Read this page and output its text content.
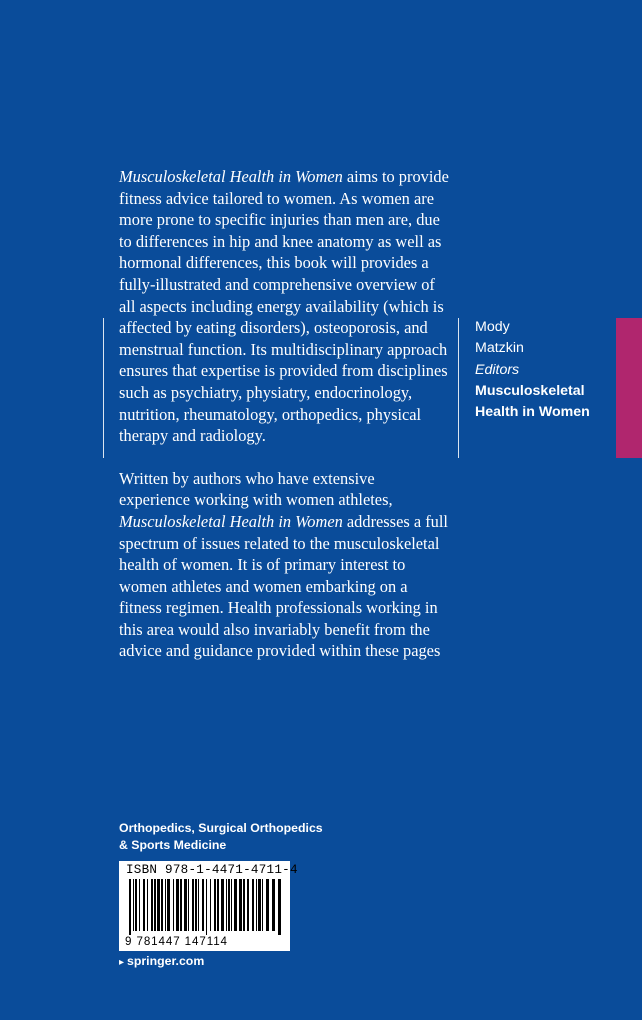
Musculoskeletal Health in Women aims to provide fitness advice tailored to women. As women are more prone to specific injuries than men are, due to differences in hip and knee anatomy as well as hormonal differences, this book will provides a fully-illustrated and comprehensive overview of all aspects including energy availability (which is affected by eating disorders), osteoporosis, and menstrual function. Its multidisciplinary approach ensures that expertise is provided from disciplines such as psychiatry, physiatry, endocrinology, nutrition, rheumatology, orthopedics, physical therapy and radiology.

Written by authors who have extensive experience working with women athletes, Musculoskeletal Health in Women addresses a full spectrum of issues related to the musculoskeletal health of women. It is of primary interest to women athletes and women embarking on a fitness regimen. Health professionals working in this area would also invariably benefit from the advice and guidance provided within these pages

Mody
Matzkin
Editors
Musculoskeletal
Health in Women
Orthopedics, Surgical Orthopedics
& Sports Medicine
ISBN 978-1-4471-4711-4
9 781447 147114
▸ springer.com
